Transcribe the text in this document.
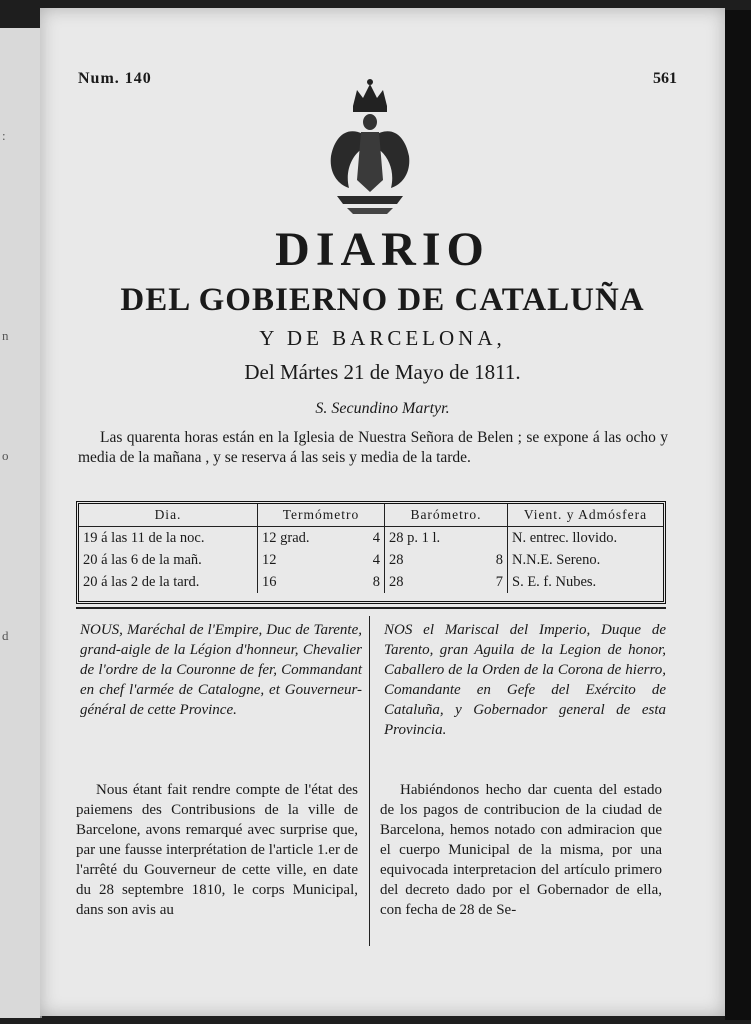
:
n
o
d
Num. 140	561
DIARIO
DEL GOBIERNO DE CATALUÑA
Y DE BARCELONA,
Del Mártes 21 de Mayo de 1811.
S. Secundino Martyr.
Las quarenta horas están en la Iglesia de Nuestra Señora de Belen ; se expone á las ocho y media de la mañana , y se reserva á las seis y media de la tarde.
Dia.	Termómetro	Barómetro.	Vient. y Admósfera
19 á las 11 de la noc.	12 grad. 4	28 p. 1 l.	N. entrec. llovido.
20 á las 6 de la mañ.	12 4	28 8	N.N.E. Sereno.
20 á las 2 de la tard.	16 8	28 7	S. E. f. Nubes.
NOUS, Maréchal de l'Empire, Duc de Tarente, grand-aigle de la Légion d'honneur, Chevalier de l'ordre de la Couronne de fer, Commandant en chef l'armée de Catalogne, et Gouverneur-général de cette Province.
Nous étant fait rendre compte de l'état des paiemens des Contribusions de la ville de Barcelone, avons remarqué avec surprise que, par une fausse interprétation de l'article 1.er de l'arrêté du Gouverneur de cette ville, en date du 28 septembre 1810, le corps Municipal, dans son avis au
NOS el Mariscal del Imperio, Duque de Tarento, gran Aguila de la Legion de honor, Caballero de la Orden de la Corona de hierro, Comandante en Gefe del Exército de Cataluña, y Gobernador general de esta Provincia.
Habiéndonos hecho dar cuenta del estado de los pagos de contribucion de la ciudad de Barcelona, hemos notado con admiracion que el cuerpo Municipal de la misma, por una equivocada interpretacion del artículo primero del decreto dado por el Gobernador de ella, con fecha de 28 de Se-
